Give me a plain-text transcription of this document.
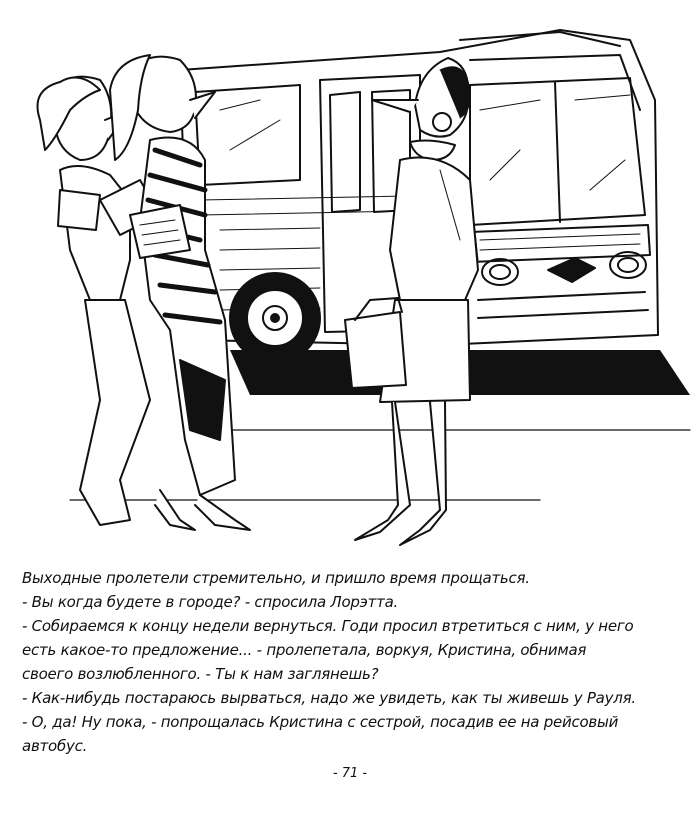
Выходные пролетели стремительно, и пришло время прощаться.

- Вы когда будете в городе? - спросила Лорэтта.

- Собираемся к концу недели вернуться. Годи просил втретиться с ним, у него

есть какое-то предложение... - пролепетала, воркуя, Кристина, обнимая

своего возлюбленного. - Ты к нам заглянешь?

- Как-нибудь постараюсь вырваться, надо же увидеть, как ты живешь у Рауля.

- О, да! Ну пока, - попрощалась Кристина с сестрой, посадив ее на рейсовый

автобус.

- 71 -
